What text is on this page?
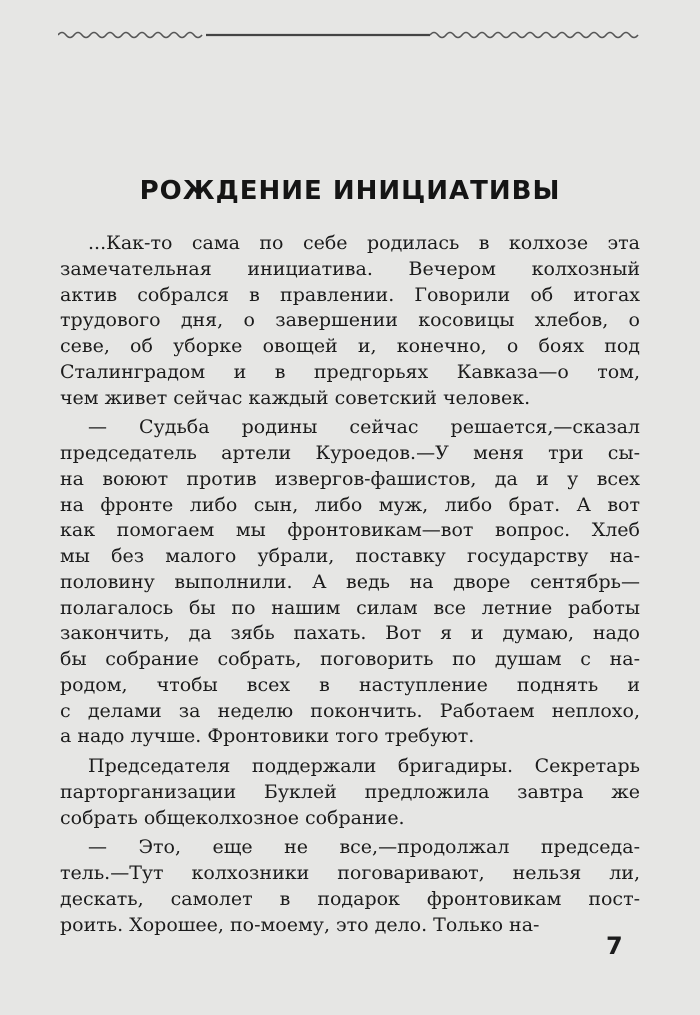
РОЖДЕНИЕ ИНИЦИАТИВЫ
...Как-то сама по себе родилась в колхозе эта
замечательная инициатива. Вечером колхозный
актив собрался в правлении. Говорили об итогах
трудового дня, о завершении косовицы хлебов, о
севе, об уборке овощей и, конечно, о боях под
Сталинградом и в предгорьях Кавказа—о том,
чем живет сейчас каждый советский человек.
— Судьба родины сейчас решается,—сказал
председатель артели Куроедов.—У меня три сы-
на воюют против извергов-фашистов, да и у всех
на фронте либо сын, либо муж, либо брат. А вот
как помогаем мы фронтовикам—вот вопрос. Хлеб
мы без малого убрали, поставку государству на-
половину выполнили. А ведь на дворе сентябрь—
полагалось бы по нашим силам все летние работы
закончить, да зябь пахать. Вот я и думаю, надо
бы собрание собрать, поговорить по душам с на-
родом, чтобы всех в наступление поднять и
с делами за неделю покончить. Работаем неплохо,
а надо лучше. Фронтовики того требуют.
Председателя поддержали бригадиры. Секретарь
парторганизации Буклей предложила завтра же
собрать общеколхозное собрание.
— Это, еще не все,—продолжал председа-
тель.—Тут колхозники поговаривают, нельзя ли,
дескать, самолет в подарок фронтовикам пост-
роить. Хорошее, по-моему, это дело. Только на-
7
